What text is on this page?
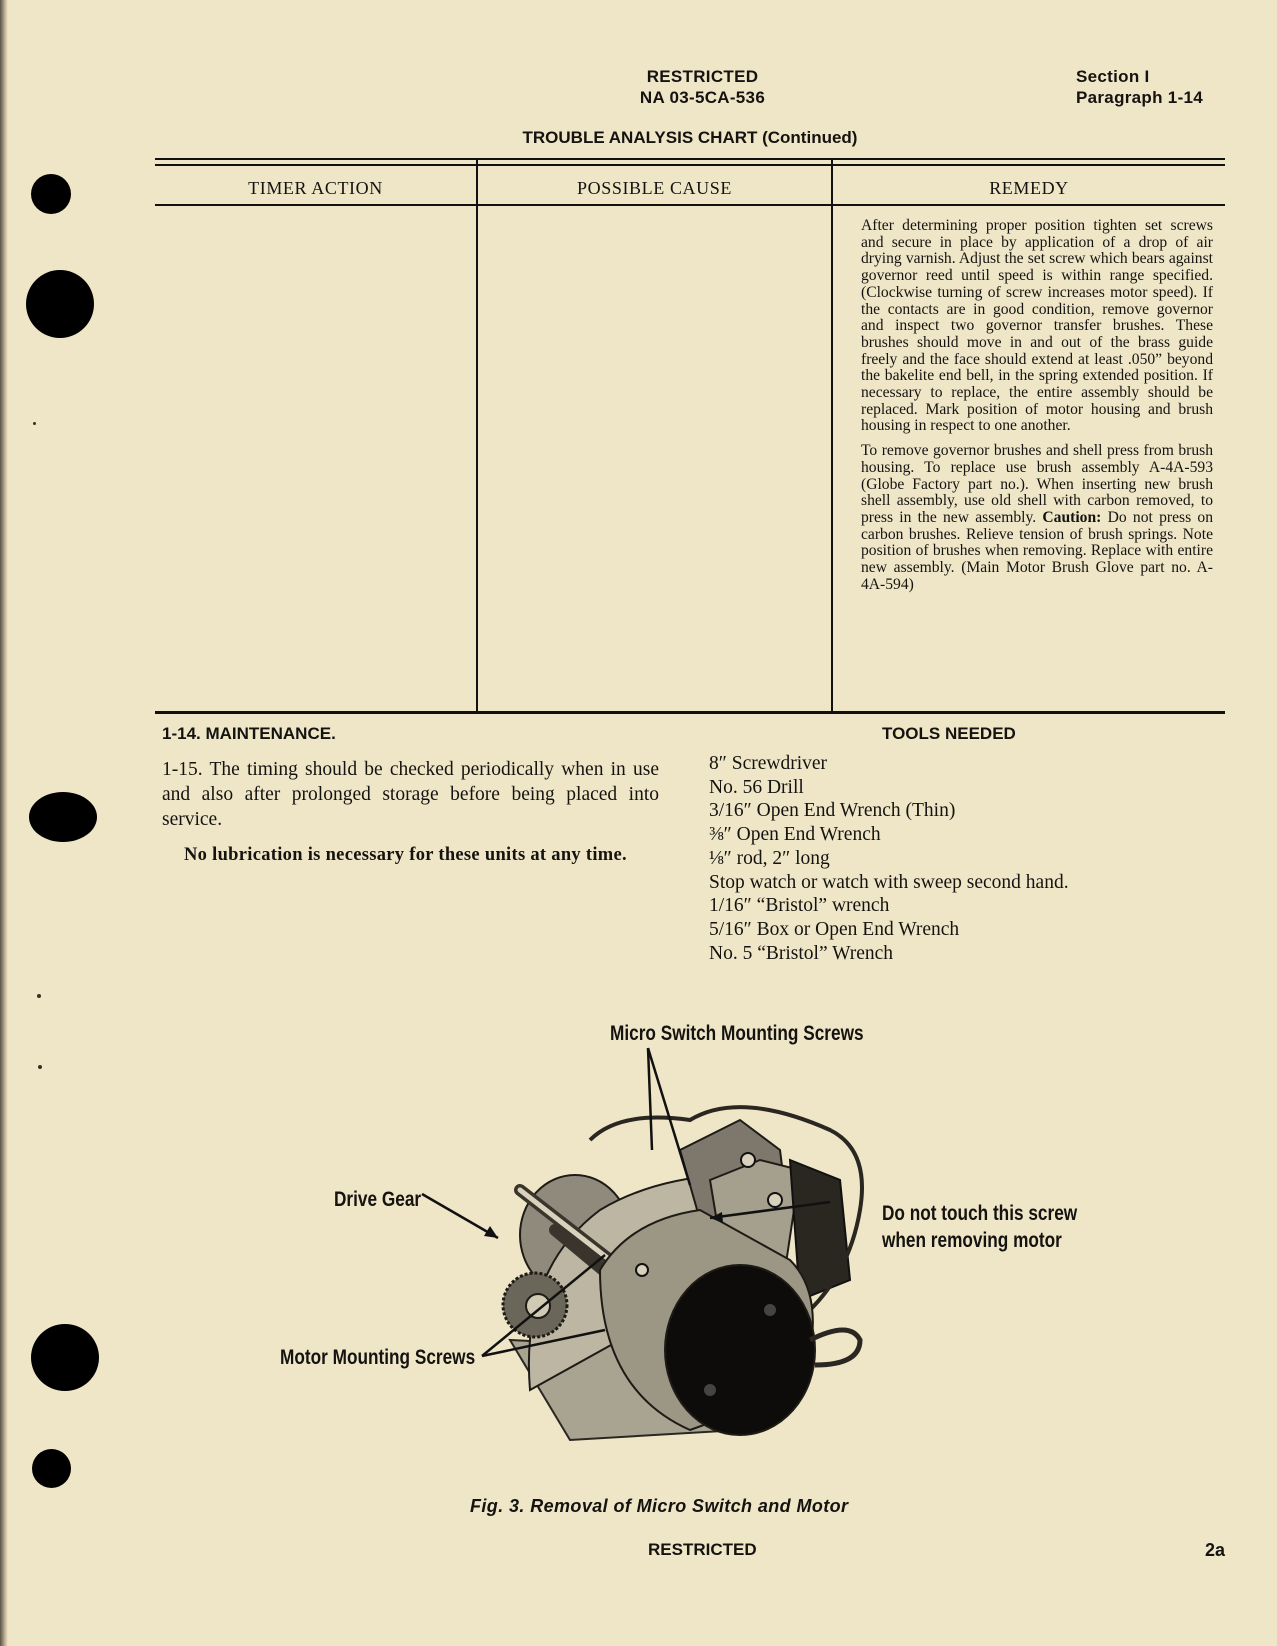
RESTRICTED
NA 03-5CA-536
Section I
Paragraph 1-14
TROUBLE ANALYSIS CHART (Continued)
TIMER ACTION	POSSIBLE CAUSE	REMEDY

After determining proper position tighten set screws and secure in place by application of a drop of air drying varnish. Adjust the set screw which bears against governor reed until speed is within range specified. (Clockwise turning of screw increases motor speed). If the contacts are in good condition, remove governor and inspect two governor transfer brushes. These brushes should move in and out of the brass guide freely and the face should extend at least .050” beyond the bakelite end bell, in the spring extended position. If necessary to replace, the entire assembly should be replaced. Mark position of motor housing and brush housing in respect to one another.

To remove governor brushes and shell press from brush housing. To replace use brush assembly A-4A-593 (Globe Factory part no.). When inserting new brush shell assembly, use old shell with carbon removed, to press in the new assembly. Caution: Do not press on carbon brushes. Relieve tension of brush springs. Note position of brushes when removing. Replace with entire new assembly. (Main Motor Brush Glove part no. A-4A-594)

1-14. MAINTENANCE.
1-15. The timing should be checked periodically when in use and also after prolonged storage before being placed into service.
No lubrication is necessary for these units at any time.
TOOLS NEEDED
8″ Screwdriver
No. 56 Drill
3/16″ Open End Wrench (Thin)
⅜″ Open End Wrench
⅛″ rod, 2″ long
Stop watch or watch with sweep second hand.
1/16″ “Bristol” wrench
5/16″ Box or Open End Wrench
No. 5 “Bristol” Wrench
Micro Switch Mounting Screws
Drive Gear
Do not touch this screw
when removing motor
Motor Mounting Screws
Fig. 3. Removal of Micro Switch and Motor
RESTRICTED	2a
